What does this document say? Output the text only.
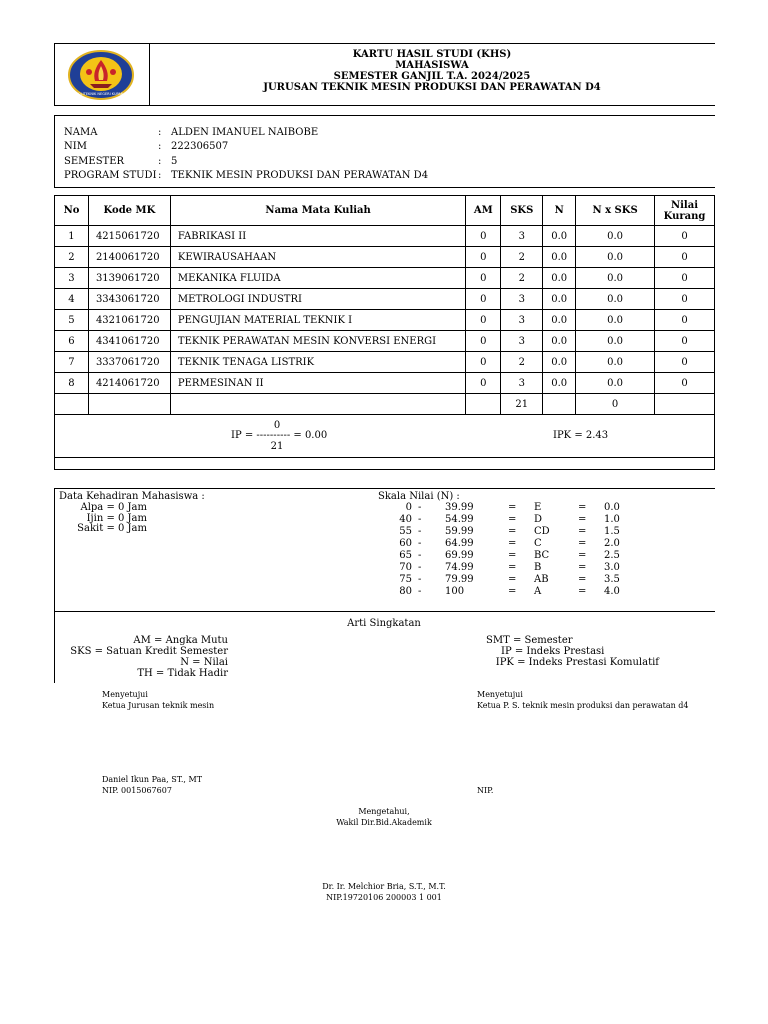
POLITEKNIK NEGERI KUPANG
KARTU HASIL STUDI (KHS)
MAHASISWA
SEMESTER GANJIL T.A. 2024/2025
JURUSAN TEKNIK MESIN PRODUKSI DAN PERAWATAN D4
NAMA	: ALDEN IMANUEL NAIBOBE
NIM	: 222306507
SEMESTER	: 5
PROGRAM STUDI : TEKNIK MESIN PRODUKSI DAN PERAWATAN D4
No	Kode MK	Nama Mata Kuliah	AM	SKS	N	N x SKS	Nilai
Kurang
1	4215061720	FABRIKASI II	0	3	0.0	0.0	0
2	2140061720	KEWIRAUSAHAAN	0	2	0.0	0.0	0
3	3139061720	MEKANIKA FLUIDA	0	2	0.0	0.0	0
4	3343061720	METROLOGI INDUSTRI	0	3	0.0	0.0	0
5	4321061720	PENGUJIAN MATERIAL TEKNIK I	0	3	0.0	0.0	0
6	4341061720	TEKNIK PERAWATAN MESIN KONVERSI ENERGI	0	3	0.0	0.0	0
7	3337061720	TEKNIK TENAGA LISTRIK	0	2	0.0	0.0	0
8	4214061720	PERMESINAN II	0	3	0.0	0.0	0
				21		0	

0
IP = ---------- = 0.00
21
IPK = 2.43							

Data Kehadiran Mahasiswa :
Alpa = 0 Jam
Ijin = 0 Jam
Sakit = 0 Jam
Skala Nilai (N) :
0 -	39.99	= E	= 0.0
40 -	54.99	= D	= 1.0
55 -	59.99	= CD	= 1.5
60 -	64.99	= C	= 2.0
65 -	69.99	= BC	= 2.5
70 -	74.99	= B	= 3.0
75 -	79.99	= AB	= 3.5
80 -	100	= A	= 4.0
Arti Singkatan
AM = Angka Mutu
SKS = Satuan Kredit Semester
N = Nilai
TH = Tidak Hadir
SMT = Semester
IP = Indeks Prestasi
IPK = Indeks Prestasi Komulatif
Menyetujui
Ketua Jurusan teknik mesin
Daniel Ikun Paa, ST., MT
NIP. 0015067607
Menyetujui
Ketua P. S. teknik mesin produksi dan perawatan d4
NIP.
Mengetahui,
Wakil Dir.Bid.Akademik
Dr. Ir. Melchior Bria, S.T., M.T.
NIP.19720106 200003 1 001
